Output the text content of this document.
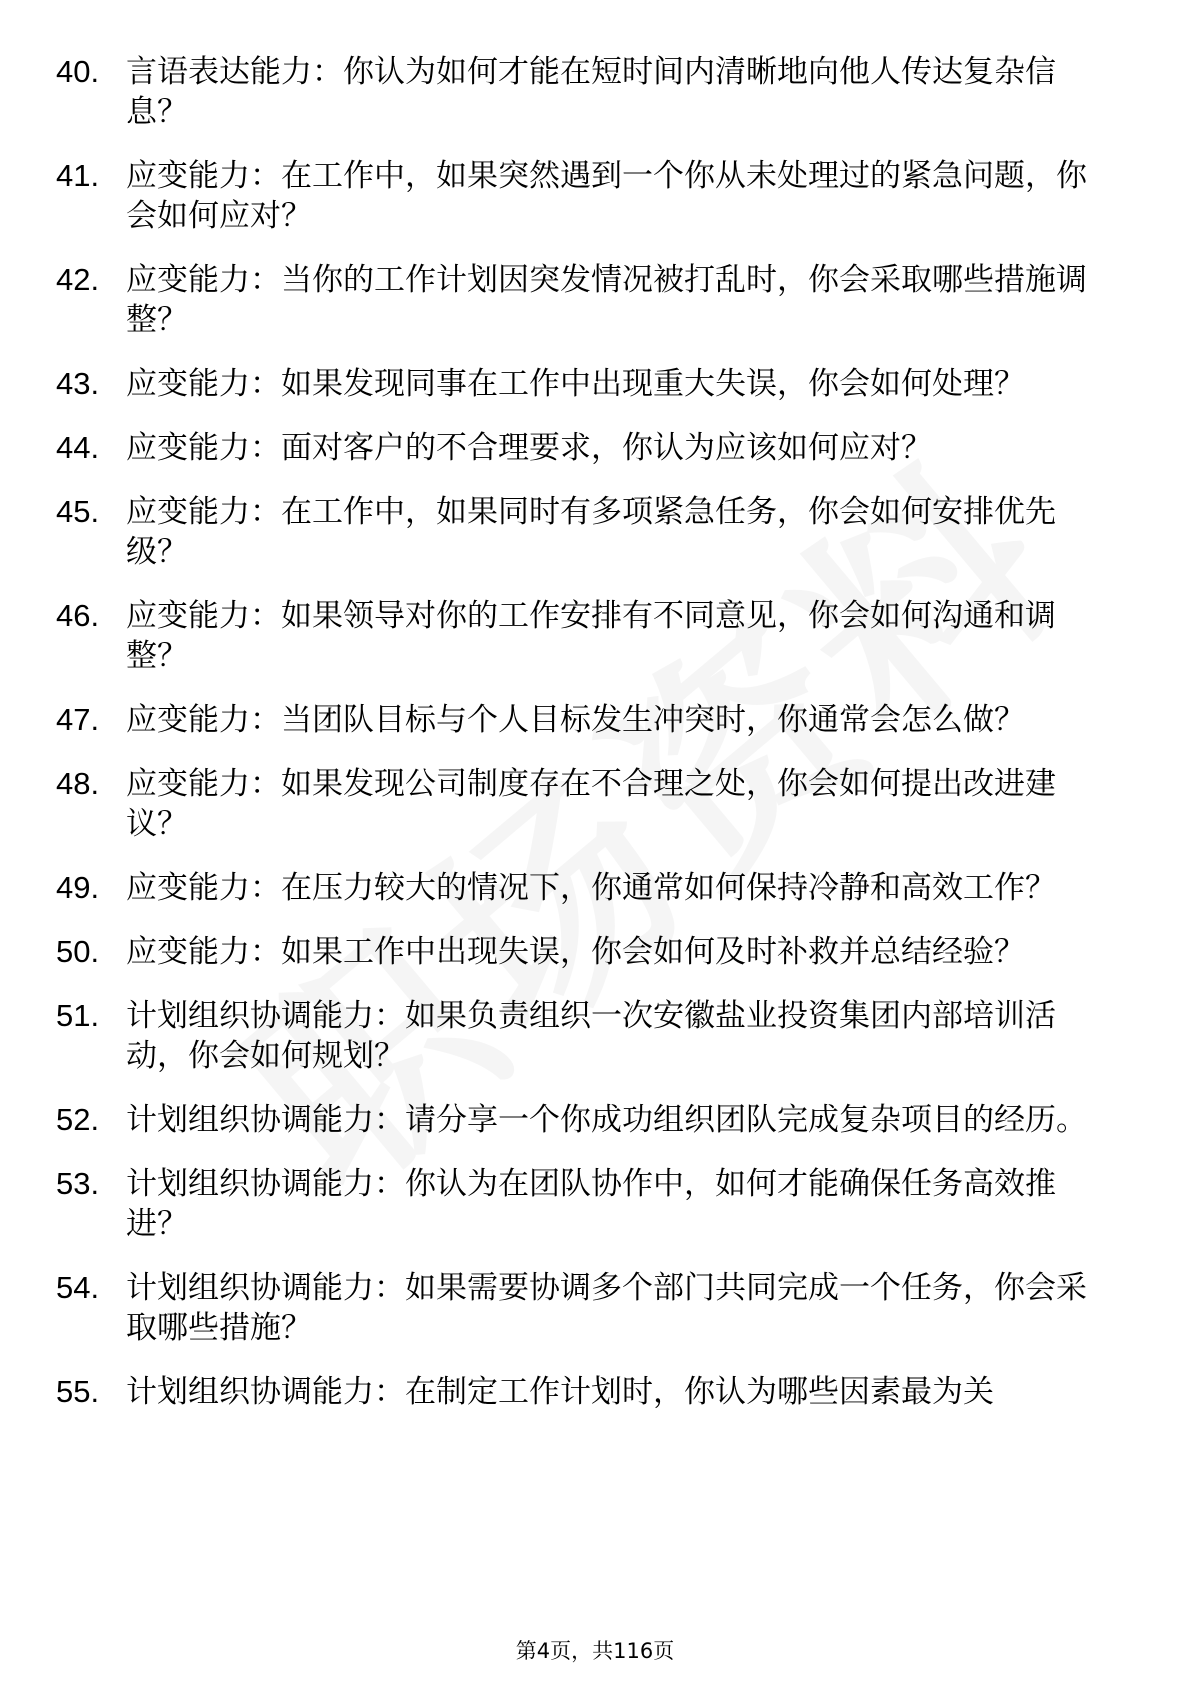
40. 言语表达能力：你认为如何才能在短时间内清晰地向他人传达复杂信息？
41. 应变能力：在工作中，如果突然遇到一个你从未处理过的紧急问题，你会如何应对？
42. 应变能力：当你的工作计划因突发情况被打乱时，你会采取哪些措施调整？
43. 应变能力：如果发现同事在工作中出现重大失误，你会如何处理？
44. 应变能力：面对客户的不合理要求，你认为应该如何应对？
45. 应变能力：在工作中，如果同时有多项紧急任务，你会如何安排优先级？
46. 应变能力：如果领导对你的工作安排有不同意见，你会如何沟通和调整？
47. 应变能力：当团队目标与个人目标发生冲突时，你通常会怎么做？
48. 应变能力：如果发现公司制度存在不合理之处，你会如何提出改进建议？
49. 应变能力：在压力较大的情况下，你通常如何保持冷静和高效工作？
50. 应变能力：如果工作中出现失误，你会如何及时补救并总结经验？
51. 计划组织协调能力：如果负责组织一次安徽盐业投资集团内部培训活动，你会如何规划？
52. 计划组织协调能力：请分享一个你成功组织团队完成复杂项目的经历。
53. 计划组织协调能力：你认为在团队协作中，如何才能确保任务高效推进？
54. 计划组织协调能力：如果需要协调多个部门共同完成一个任务，你会采取哪些措施？
55. 计划组织协调能力：在制定工作计划时，你认为哪些因素最为关
第4页，共116页
